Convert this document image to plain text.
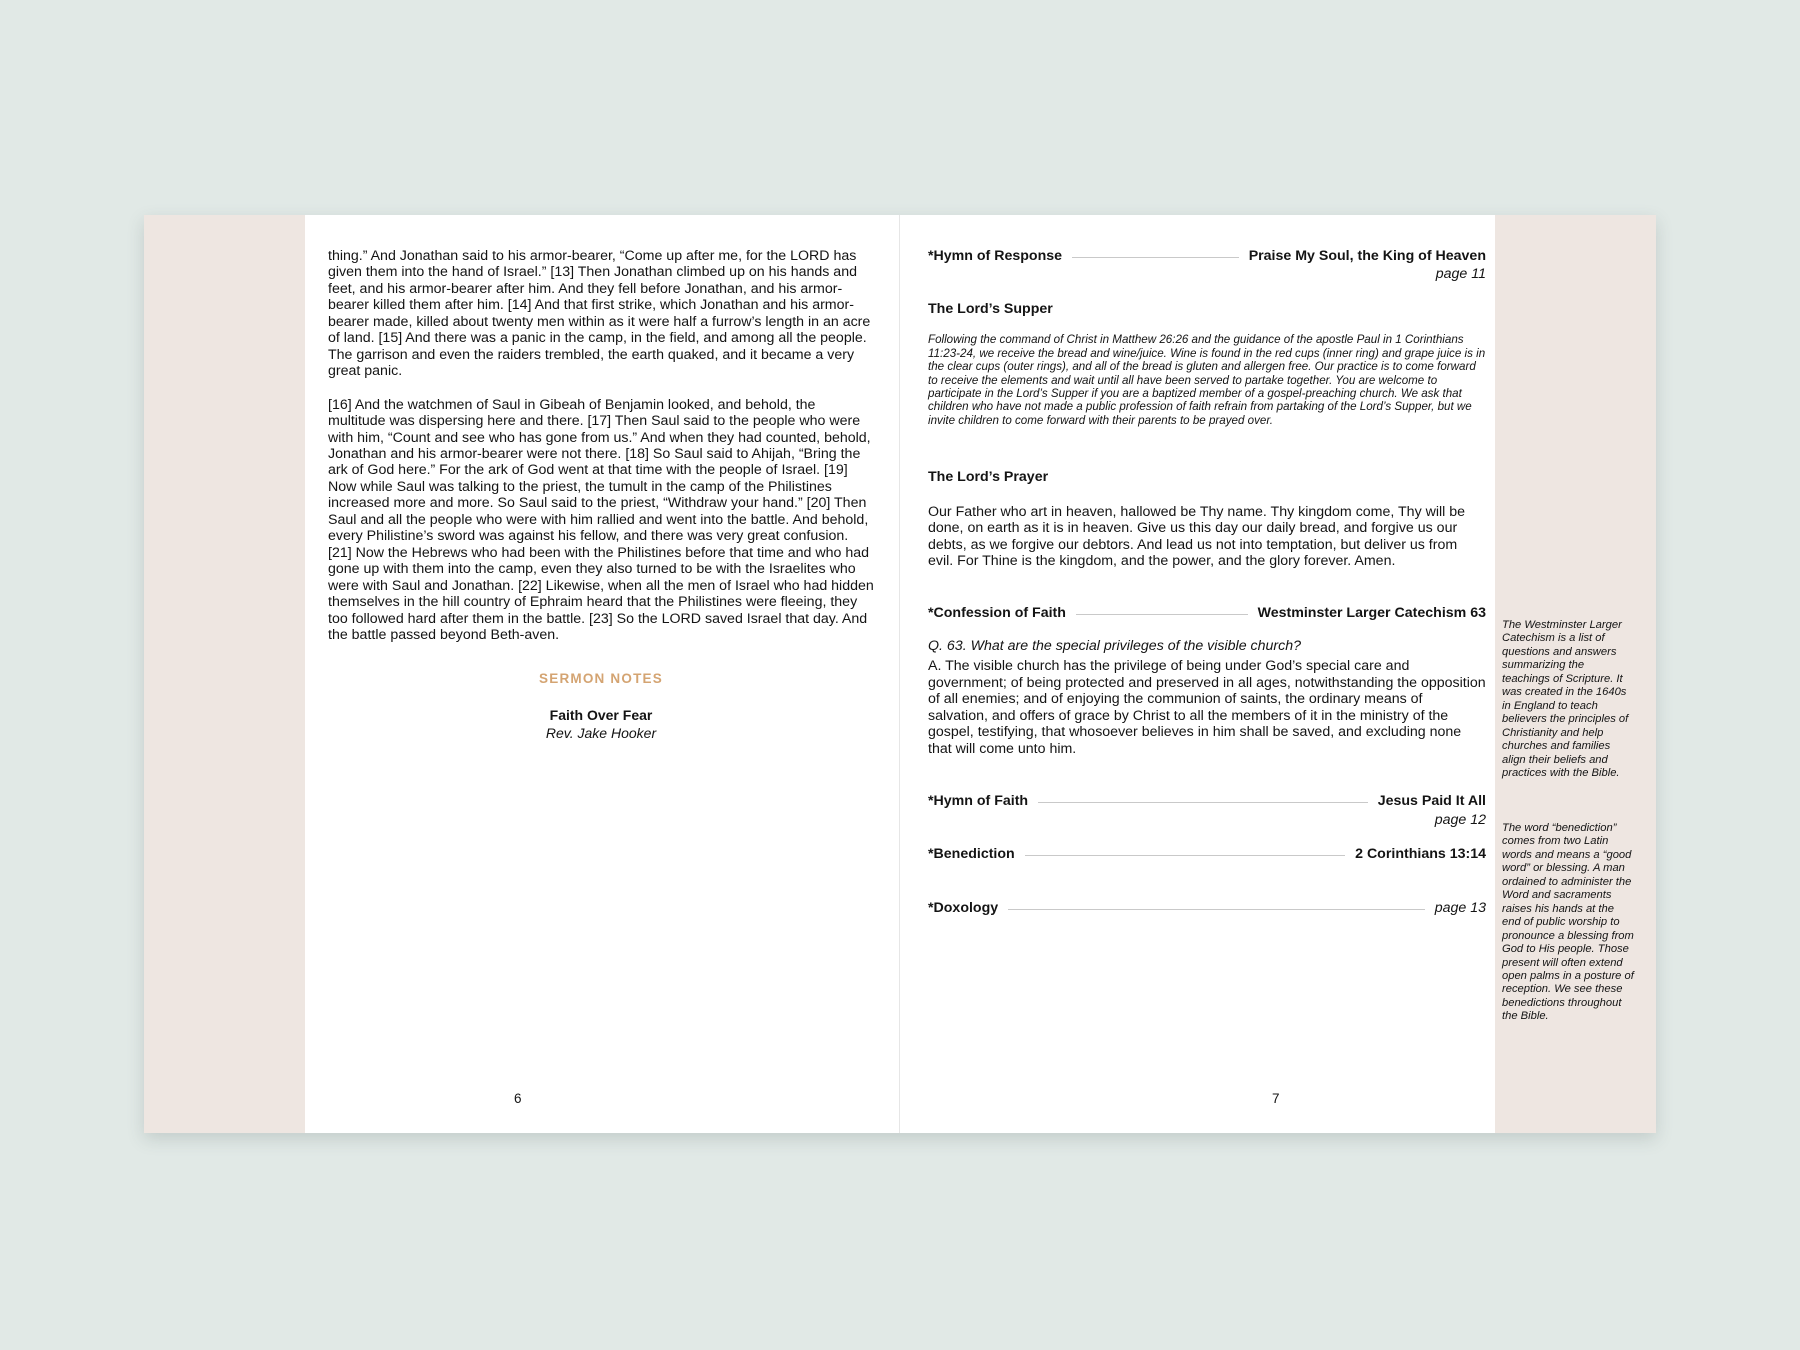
thing.” And Jonathan said to his armor-bearer, “Come up after me, for the LORD has given them into the hand of Israel.” [13] Then Jonathan climbed up on his hands and feet, and his armor-bearer after him. And they fell before Jonathan, and his armor-bearer killed them after him. [14] And that first strike, which Jonathan and his armor-bearer made, killed about twenty men within as it were half a furrow’s length in an acre of land. [15] And there was a panic in the camp, in the field, and among all the people. The garrison and even the raiders trembled, the earth quaked, and it became a very great panic.

[16] And the watchmen of Saul in Gibeah of Benjamin looked, and behold, the multitude was dispersing here and there. [17] Then Saul said to the people who were with him, “Count and see who has gone from us.” And when they had counted, behold, Jonathan and his armor-bearer were not there. [18] So Saul said to Ahijah, “Bring the ark of God here.” For the ark of God went at that time with the people of Israel. [19] Now while Saul was talking to the priest, the tumult in the camp of the Philistines increased more and more. So Saul said to the priest, “Withdraw your hand.” [20] Then Saul and all the people who were with him rallied and went into the battle. And behold, every Philistine’s sword was against his fellow, and there was very great confusion. [21] Now the Hebrews who had been with the Philistines before that time and who had gone up with them into the camp, even they also turned to be with the Israelites who were with Saul and Jonathan. [22] Likewise, when all the men of Israel who had hidden themselves in the hill country of Ephraim heard that the Philistines were fleeing, they too followed hard after them in the battle. [23] So the LORD saved Israel that day. And the battle passed beyond Beth-aven.

SERMON NOTES
Faith Over Fear
Rev. Jake Hooker
6
*Hymn of Response	Praise My Soul, the King of Heaven
page 11
The Lord’s Supper
Following the command of Christ in Matthew 26:26 and the guidance of the apostle Paul in 1 Corinthians 11:23-24, we receive the bread and wine/juice. Wine is found in the red cups (inner ring) and grape juice is in the clear cups (outer rings), and all of the bread is gluten and allergen free. Our practice is to come forward to receive the elements and wait until all have been served to partake together. You are welcome to participate in the Lord’s Supper if you are a baptized member of a gospel-preaching church. We ask that children who have not made a public profession of faith refrain from partaking of the Lord’s Supper, but we invite children to come forward with their parents to be prayed over.
The Lord’s Prayer
Our Father who art in heaven, hallowed be Thy name. Thy kingdom come, Thy will be done, on earth as it is in heaven. Give us this day our daily bread, and forgive us our debts, as we forgive our debtors. And lead us not into temptation, but deliver us from evil. For Thine is the kingdom, and the power, and the glory forever. Amen.
*Confession of Faith	Westminster Larger Catechism 63
Q. 63. What are the special privileges of the visible church?
A. The visible church has the privilege of being under God’s special care and government; of being protected and preserved in all ages, notwithstanding the opposition of all enemies; and of enjoying the communion of saints, the ordinary means of salvation, and offers of grace by Christ to all the members of it in the ministry of the gospel, testifying, that whosoever believes in him shall be saved, and excluding none that will come unto him.
*Hymn of Faith	Jesus Paid It All
page 12
*Benediction	2 Corinthians 13:14
*Doxology	page 13
7
The Westminster Larger Catechism is a list of questions and answers summarizing the teachings of Scripture. It was created in the 1640s in England to teach believers the principles of Christianity and help churches and families align their beliefs and practices with the Bible.
The word “benediction” comes from two Latin words and means a “good word” or blessing. A man ordained to administer the Word and sacraments raises his hands at the end of public worship to pronounce a blessing from God to His people. Those present will often extend open palms in a posture of reception. We see these benedictions throughout the Bible.
